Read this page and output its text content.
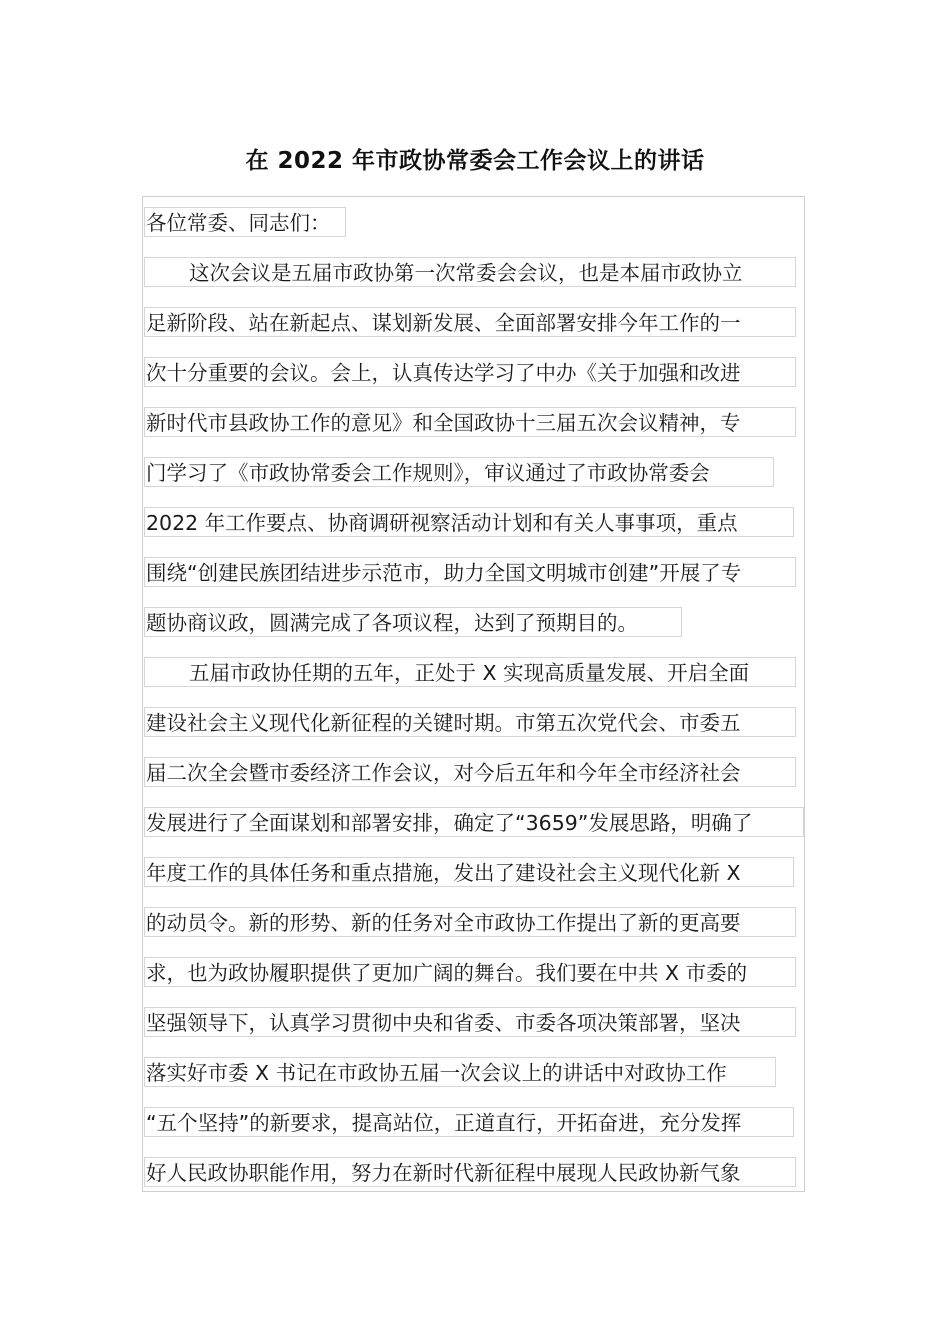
在 2022 年市政协常委会工作会议上的讲话
各位常委、同志们：
这次会议是五届市政协第一次常委会会议，也是本届市政协立
足新阶段、站在新起点、谋划新发展、全面部署安排今年工作的一
次十分重要的会议。会上，认真传达学习了中办《关于加强和改进
新时代市县政协工作的意见》和全国政协十三届五次会议精神，专
门学习了《市政协常委会工作规则》，审议通过了市政协常委会
2022 年工作要点、协商调研视察活动计划和有关人事事项，重点
围绕“创建民族团结进步示范市，助力全国文明城市创建”开展了专
题协商议政，圆满完成了各项议程，达到了预期目的。
五届市政协任期的五年，正处于 X 实现高质量发展、开启全面
建设社会主义现代化新征程的关键时期。市第五次党代会、市委五
届二次全会暨市委经济工作会议，对今后五年和今年全市经济社会
发展进行了全面谋划和部署安排，确定了“3659”发展思路，明确了
年度工作的具体任务和重点措施，发出了建设社会主义现代化新 X
的动员令。新的形势、新的任务对全市政协工作提出了新的更高要
求，也为政协履职提供了更加广阔的舞台。我们要在中共 X 市委的
坚强领导下，认真学习贯彻中央和省委、市委各项决策部署，坚决
落实好市委 X 书记在市政协五届一次会议上的讲话中对政协工作
“五个坚持”的新要求，提高站位，正道直行，开拓奋进，充分发挥
好人民政协职能作用，努力在新时代新征程中展现人民政协新气象
